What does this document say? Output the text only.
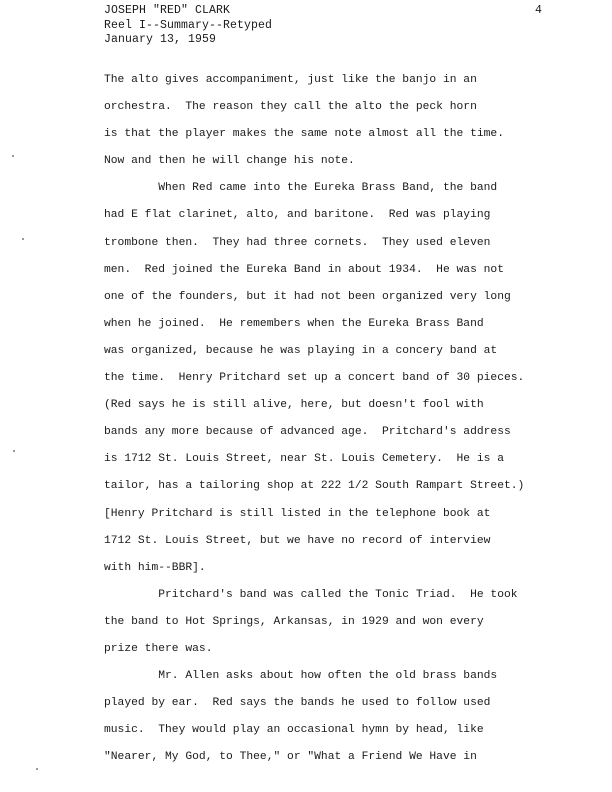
JOSEPH "RED" CLARK
Reel I--Summary--Retyped
January 13, 1959
4
The alto gives accompaniment, just like the banjo in an
orchestra.  The reason they call the alto the peck horn
is that the player makes the same note almost all the time.
Now and then he will change his note.
When Red came into the Eureka Brass Band, the band
had E flat clarinet, alto, and baritone.  Red was playing
trombone then.  They had three cornets.  They used eleven
men.  Red joined the Eureka Band in about 1934.  He was not
one of the founders, but it had not been organized very long
when he joined.  He remembers when the Eureka Brass Band
was organized, because he was playing in a concery band at
the time.  Henry Pritchard set up a concert band of 30 pieces.
(Red says he is still alive, here, but doesn't fool with
bands any more because of advanced age.  Pritchard's address
is 1712 St. Louis Street, near St. Louis Cemetery.  He is a
tailor, has a tailoring shop at 222 1/2 South Rampart Street.)
[Henry Pritchard is still listed in the telephone book at
1712 St. Louis Street, but we have no record of interview
with him--BBR].
Pritchard's band was called the Tonic Triad.  He took
the band to Hot Springs, Arkansas, in 1929 and won every
prize there was.
Mr. Allen asks about how often the old brass bands
played by ear.  Red says the bands he used to follow used
music.  They would play an occasional hymn by head, like
"Nearer, My God, to Thee," or "What a Friend We Have in
